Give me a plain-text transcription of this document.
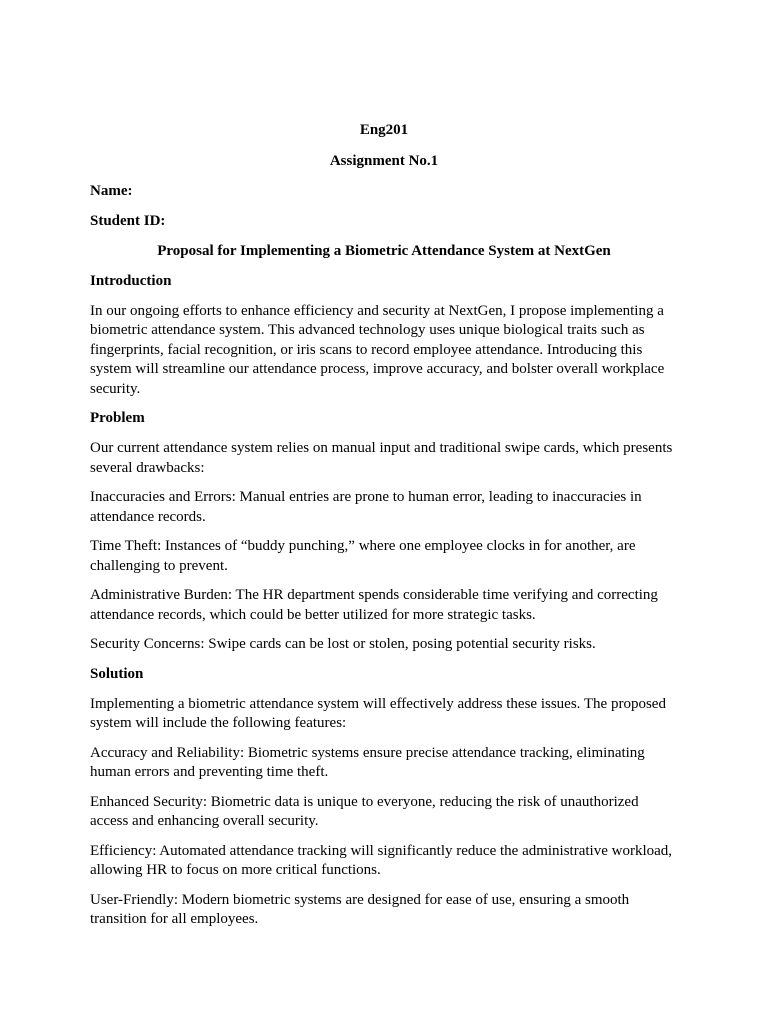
Eng201
Assignment No.1
Name:
Student ID:
Proposal for Implementing a Biometric Attendance System at NextGen
Introduction

In our ongoing efforts to enhance efficiency and security at NextGen, I propose implementing a biometric attendance system. This advanced technology uses unique biological traits such as fingerprints, facial recognition, or iris scans to record employee attendance. Introducing this system will streamline our attendance process, improve accuracy, and bolster overall workplace security.

Problem

Our current attendance system relies on manual input and traditional swipe cards, which presents several drawbacks:

Inaccuracies and Errors: Manual entries are prone to human error, leading to inaccuracies in attendance records.

Time Theft: Instances of “buddy punching,” where one employee clocks in for another, are challenging to prevent.

Administrative Burden: The HR department spends considerable time verifying and correcting attendance records, which could be better utilized for more strategic tasks.

Security Concerns: Swipe cards can be lost or stolen, posing potential security risks.

Solution

Implementing a biometric attendance system will effectively address these issues. The proposed system will include the following features:

Accuracy and Reliability: Biometric systems ensure precise attendance tracking, eliminating human errors and preventing time theft.

Enhanced Security: Biometric data is unique to everyone, reducing the risk of unauthorized access and enhancing overall security.

Efficiency: Automated attendance tracking will significantly reduce the administrative workload, allowing HR to focus on more critical functions.

User-Friendly: Modern biometric systems are designed for ease of use, ensuring a smooth transition for all employees.
